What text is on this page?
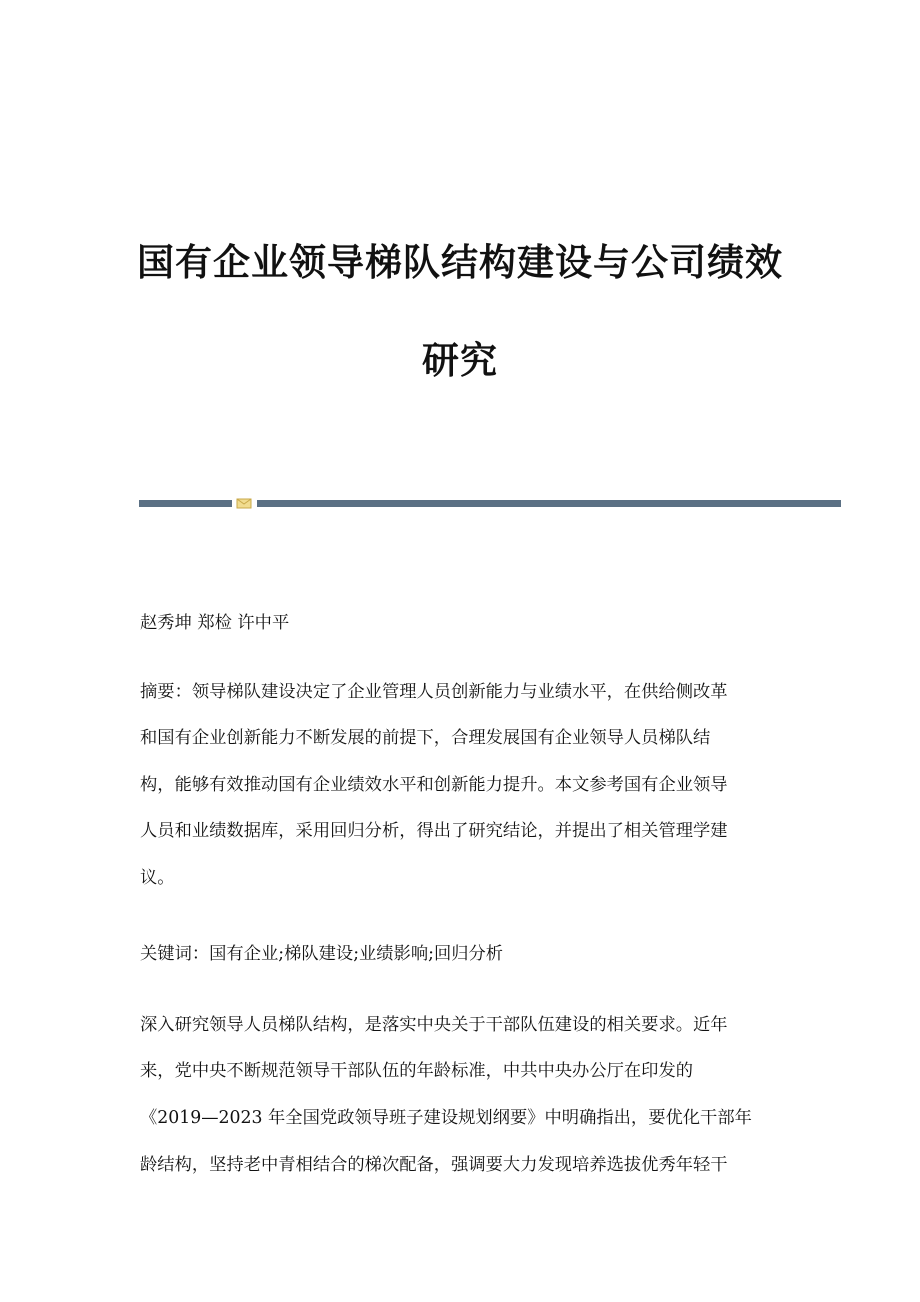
国有企业领导梯队结构建设与公司绩效
研究
赵秀坤 郑检 许中平
摘要：领导梯队建设决定了企业管理人员创新能力与业绩水平，在供给侧改革
和国有企业创新能力不断发展的前提下，合理发展国有企业领导人员梯队结
构，能够有效推动国有企业绩效水平和创新能力提升。本文参考国有企业领导
人员和业绩数据库，采用回归分析，得出了研究结论，并提出了相关管理学建
议。
关键词：国有企业;梯队建设;业绩影响;回归分析
深入研究领导人员梯队结构，是落实中央关于干部队伍建设的相关要求。近年
来，党中央不断规范领导干部队伍的年龄标准，中共中央办公厅在印发的
《2019—2023 年全国党政领导班子建设规划纲要》中明确指出，要优化干部年
龄结构，坚持老中青相结合的梯次配备，强调要大力发现培养选拔优秀年轻干
